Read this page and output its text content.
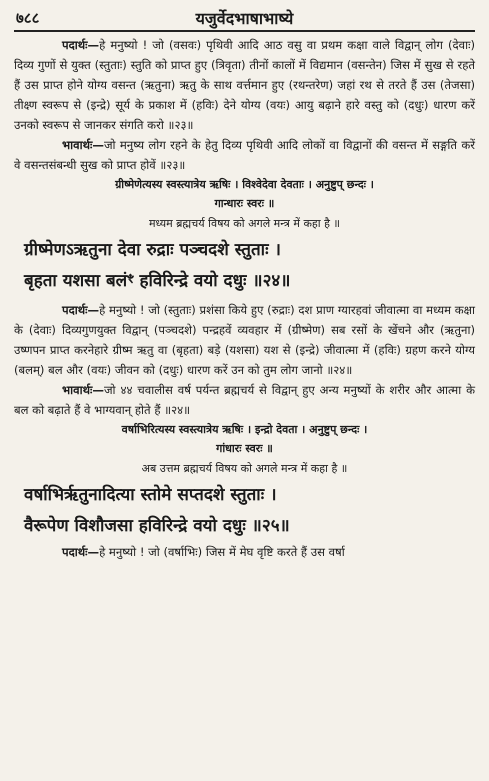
७८८	यजुर्वेदभाषाभाष्ये

पदार्थः—हे मनुष्यो ! जो (वसवः) पृथिवी आदि आठ वसु वा प्रथम कक्षा वाले विद्वान् लोग (देवाः) दिव्य गुणों से युक्त (स्तुताः) स्तुति को प्राप्त हुए (त्रिवृता) तीनों कालों में विद्यमान (वसन्तेन) जिस में सुख से रहते हैं उस प्राप्त होने योग्य वसन्त (ऋतुना) ऋतु के साथ वर्त्तमान हुए (रथन्तरेण) जहां रथ से तरते हैं उस (तेजसा) तीक्ष्ण स्वरूप से (इन्द्रे) सूर्य के प्रकाश में (हविः) देने योग्य (वयः) आयु बढ़ाने हारे वस्तु को (दधुः) धारण करें उनको स्वरूप से जानकर संगति करो ॥२३॥

भावार्थः—जो मनुष्य लोग रहने के हेतु दिव्य पृथिवी आदि लोकों वा विद्वानों की वसन्त में सङ्गति करें वे वसन्तसंबन्धी सुख को प्राप्त होवें ॥२३॥

ग्रीष्मेणेत्यस्य स्वस्त्यात्रेय ऋषिः । विश्वेदेवा देवताः । अनुष्टुप् छन्दः ।

गान्धारः स्वरः ॥

मध्यम ब्रह्मचर्य विषय को अगले मन्त्र में कहा है ॥

ग्रीष्मेणऽऋतुना देवा रुद्राः पञ्चदशे स्तुताः ।

बृहता यशसा बलंꣳ हविरिन्द्रे वयो दधुः ॥२४॥

पदार्थः—हे मनुष्यो ! जो (स्तुताः) प्रशंसा किये हुए (रुद्राः) दश प्राण ग्यारहवां जीवात्मा वा मध्यम कक्षा के (देवाः) दिव्यगुणयुक्त विद्वान् (पञ्चदशे) पन्द्रहवें व्यवहार में (ग्रीष्मेण) सब रसों के खेंचने और (ऋतुना) उष्णपन प्राप्त करनेहारे ग्रीष्म ऋतु वा (बृहता) बड़े (यशसा) यश से (इन्द्रे) जीवात्मा में (हविः) ग्रहण करने योग्य (बलम्) बल और (वयः) जीवन को (दधुः) धारण करें उन को तुम लोग जानो ॥२४॥

भावार्थः—जो ४४ चवालीस वर्ष पर्यन्त ब्रह्मचर्य से विद्वान् हुए अन्य मनुष्यों के शरीर और आत्मा के बल को बढ़ाते हैं वे भाग्यवान् होते हैं ॥२४॥

वर्षाभिरित्यस्य स्वस्त्यात्रेय ऋषिः । इन्द्रो देवता । अनुष्टुप् छन्दः ।

गांधारः स्वरः ॥

अब उत्तम ब्रह्मचर्य विषय को अगले मन्त्र में कहा है ॥

वर्षाभिर्ऋतुनादित्या स्तोमे सप्तदशे स्तुताः ।

वैरूपेण विशौजसा हविरिन्द्रे वयो दधुः ॥२५॥

पदार्थः—हे मनुष्यो ! जो (वर्षाभिः) जिस में मेघ वृष्टि करते हैं उस वर्षा
